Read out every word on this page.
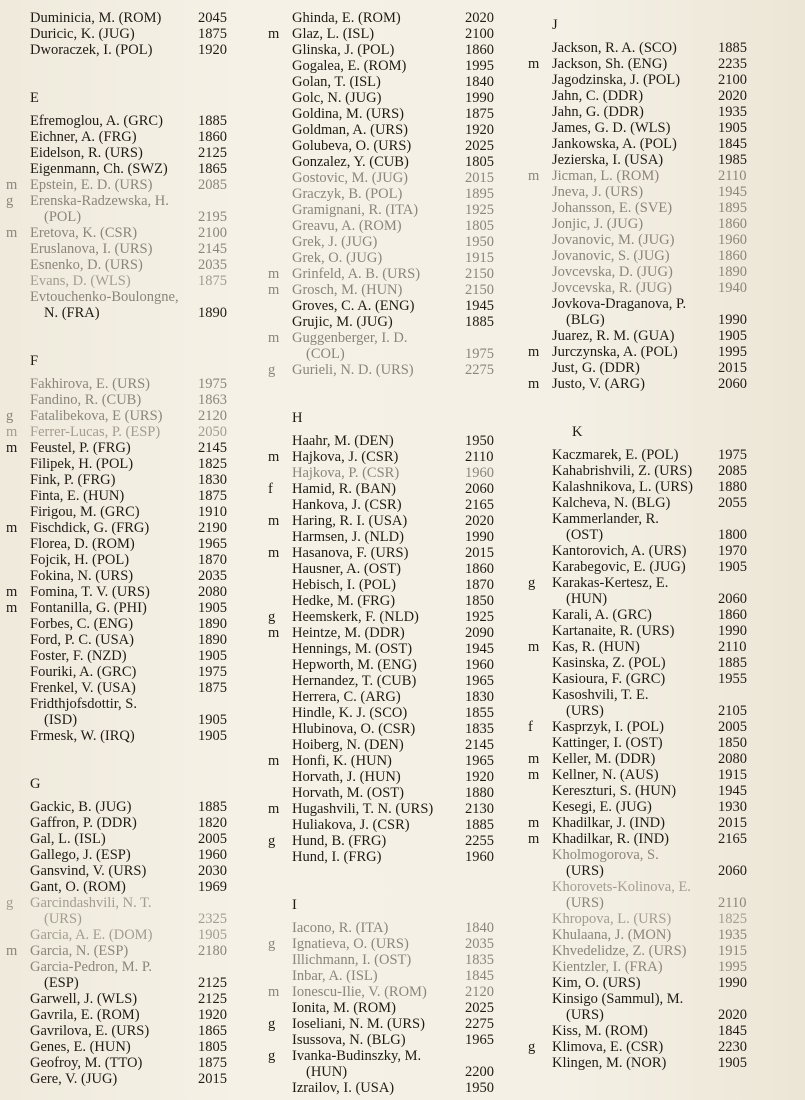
Duminicia, M. (ROM)	2045
Duricic, K. (JUG)	1875
Dworaczek, I. (POL)	1920
E
Efremoglou, A. (GRC) 1885
Eichner, A. (FRG)	1860
Eidelson, R. (URS)	2125
Eigenmann, Ch. (SWZ) 1865
m Epstein, E. D. (URS)	2085
g	Erenska-Radzewska, H.
(POL)	2195
m Eretova, K. (CSR)	2100
Eruslanova, I. (URS)	2145
Esnenko, D. (URS)	2035
Evans, D. (WLS)	1875
Evtouchenko-Boulongne,
N. (FRA)	1890
F
Fakhirova, E. (URS)	1975
Fandino, R. (CUB)	1863
g	Fatalibekova, E (URS) 2120
m Ferrer-Lucas, P. (ESP)	2050
m Feustel, P. (FRG)	2145
Filipek, H. (POL)	1825
Fink, P. (FRG)	1830
Finta, E. (HUN)	1875
Firigou, M. (GRC)	1910
m Fischdick, G. (FRG)	2190
Florea, D. (ROM)	1965
Fojcik, H. (POL)	1870
Fokina, N. (URS)	2035
m Fomina, T. V. (URS)	2080
m Fontanilla, G. (PHI)	1905
Forbes, C. (ENG)	1890
Ford, P. C. (USA)	1890
Foster, F. (NZD)	1905
Fouriki, A. (GRC)	1975
Frenkel, V. (USA)	1875
Fridthjofsdottir, S.
(ISD)	1905
Frmesk, W. (IRQ)	1905
G
Gackic, B. (JUG)	1885
Gaffron, P. (DDR)	1820
Gal, L. (ISL)	2005
Gallego, J. (ESP)	1960
Gansvind, V. (URS)	2030
Gant, O. (ROM)	1969
g	Garcindashvili, N. T.
(URS)	2325
Garcia, A. E. (DOM)	1905
m Garcia, N. (ESP)	2180
Garcia-Pedron, M. P.
(ESP)	2125
Garwell, J. (WLS)	2125
Gavrila, E. (ROM)	1920
Gavrilova, E. (URS)	1865
Genes, E. (HUN)	1805
Geofroy, M. (TTO)	1875
Gere, V. (JUG)	2015
Ghinda, E. (ROM)	2020
m Glaz, L. (ISL)	2100
Glinska, J. (POL)	1860
Gogalea, E. (ROM)	1995
Golan, T. (ISL)	1840
Golc, N. (JUG)	1990
Goldina, M. (URS)	1875
Goldman, A. (URS)	1920
Golubeva, O. (URS)	2025
Gonzalez, Y. (CUB)	1805
Gostovic, M. (JUG)	2015
Graczyk, B. (POL)	1895
Gramignani, R. (ITA)	1925
Greavu, A. (ROM)	1805
Grek, J. (JUG)	1950
Grek, O. (JUG)	1915
m Grinfeld, A. B. (URS)	2150
m Grosch, M. (HUN)	2150
Groves, C. A. (ENG)	1945
Grujic, M. (JUG)	1885
m Guggenberger, I. D.
(COL)	1975
g	Gurieli, N. D. (URS)	2275
H
Haahr, M. (DEN)	1950
m Hajkova, J. (CSR)	2110
Hajkova, P. (CSR)	1960
f	Hamid, R. (BAN)	2060
Hankova, J. (CSR)	2165
m Haring, R. I. (USA)	2020
Harmsen, J. (NLD)	1990
m Hasanova, F. (URS)	2015
Hausner, A. (OST)	1860
Hebisch, I. (POL)	1870
Hedke, M. (FRG)	1850
g	Heemskerk, F. (NLD)	1925
m Heintze, M. (DDR)	2090
Hennings, M. (OST)	1945
Hepworth, M. (ENG)	1960
Hernandez, T. (CUB)	1965
Herrera, C. (ARG)	1830
Hindle, K. J. (SCO)	1855
Hlubinova, O. (CSR)	1835
Hoiberg, N. (DEN)	2145
m Honfi, K. (HUN)	1965
Horvath, J. (HUN)	1920
Horvath, M. (OST)	1880
m Hugashvili, T. N. (URS) 2130
Huliakova, J. (CSR)	1885
g	Hund, B. (FRG)	2255
Hund, I. (FRG)	1960
I
Iacono, R. (ITA)	1840
g	Ignatieva, O. (URS)	2035
Illichmann, I. (OST)	1835
Inbar, A. (ISL)	1845
m Ionescu-Ilie, V. (ROM)	2120
Ionita, M. (ROM)	2025
g	Ioseliani, N. M. (URS)	2275
Isussova, N. (BLG)	1965
g	Ivanka-Budinszky, M.
(HUN)	2200
Izrailov, I. (USA)	1950
J
Jackson, R. A. (SCO)	1885
m Jackson, Sh. (ENG)	2235
Jagodzinska, J. (POL)	2100
Jahn, C. (DDR)	2020
Jahn, G. (DDR)	1935
James, G. D. (WLS)	1905
Jankowska, A. (POL)	1845
Jezierska, I. (USA)	1985
m Jicman, L. (ROM)	2110
Jneva, J. (URS)	1945
Johansson, E. (SVE)	1895
Jonjic, J. (JUG)	1860
Jovanovic, M. (JUG)	1960
Jovanovic, S. (JUG)	1860
Jovcevska, D. (JUG)	1890
Jovcevska, R. (JUG)	1940
Jovkova-Draganova, P.
(BLG)	1990
Juarez, R. M. (GUA)	1905
m Jurczynska, A. (POL)	1995
Just, G. (DDR)	2015
m Justo, V. (ARG)	2060
K
Kaczmarek, E. (POL)	1975
Kahabrishvili, Z. (URS) 2085
Kalashnikova, L. (URS) 1880
Kalcheva, N. (BLG)	2055
Kammerlander, R.
(OST)	1800
Kantorovich, A. (URS) 1970
Karabegovic, E. (JUG) 1905
g	Karakas-Kertesz, E.
(HUN)	2060
Karali, A. (GRC)	1860
Kartanaite, R. (URS)	1990
m Kas, R. (HUN)	2110
Kasinska, Z. (POL)	1885
Kasioura, F. (GRC)	1955
Kasoshvili, T. E.
(URS)	2105
f	Kasprzyk, I. (POL)	2005
Kattinger, I. (OST)	1850
m Keller, M. (DDR)	2080
m Kellner, N. (AUS)	1915
Kereszturi, S. (HUN)	1945
Kesegi, E. (JUG)	1930
m Khadilkar, J. (IND)	2015
m Khadilkar, R. (IND)	2165
Kholmogorova, S.
(URS)	2060
Khorovets-Kolinova, E.
(URS)	2110
Khropova, L. (URS)	1825
Khulaana, J. (MON)	1935
Khvedelidze, Z. (URS) 1915
Kientzler, I. (FRA)	1995
Kim, O. (URS)	1990
Kinsigo (Sammul), M.
(URS)	2020
Kiss, M. (ROM)	1845
g	Klimova, E. (CSR)	2230
Klingen, M. (NOR)	1905
